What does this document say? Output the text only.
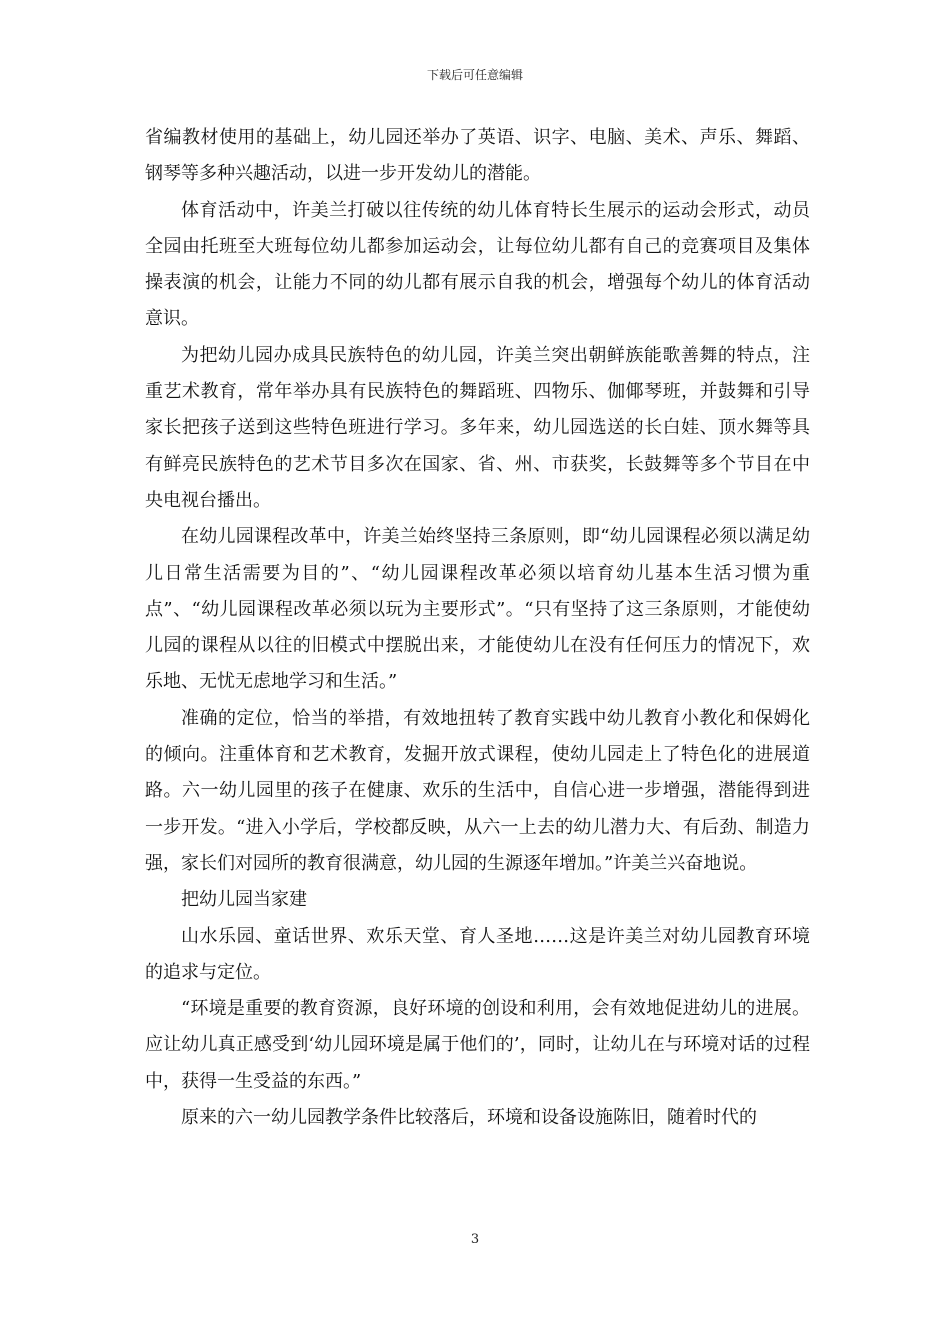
下载后可任意编辑

省编教材使用的基础上，幼儿园还举办了英语、识字、电脑、美术、声乐、舞蹈、钢琴等多种兴趣活动，以进一步开发幼儿的潜能。

体育活动中，许美兰打破以往传统的幼儿体育特长生展示的运动会形式，动员全园由托班至大班每位幼儿都参加运动会，让每位幼儿都有自己的竞赛项目及集体操表演的机会，让能力不同的幼儿都有展示自我的机会，增强每个幼儿的体育活动意识。

为把幼儿园办成具民族特色的幼儿园，许美兰突出朝鲜族能歌善舞的特点，注重艺术教育，常年举办具有民族特色的舞蹈班、四物乐、伽倻琴班，并鼓舞和引导家长把孩子送到这些特色班进行学习。多年来，幼儿园选送的长白娃、顶水舞等具有鲜亮民族特色的艺术节目多次在国家、省、州、市获奖，长鼓舞等多个节目在中央电视台播出。

在幼儿园课程改革中，许美兰始终坚持三条原则，即“幼儿园课程必须以满足幼儿日常生活需要为目的”、“幼儿园课程改革必须以培育幼儿基本生活习惯为重点”、“幼儿园课程改革必须以玩为主要形式”。“只有坚持了这三条原则，才能使幼儿园的课程从以往的旧模式中摆脱出来，才能使幼儿在没有任何压力的情况下，欢乐地、无忧无虑地学习和生活。”

准确的定位，恰当的举措，有效地扭转了教育实践中幼儿教育小教化和保姆化的倾向。注重体育和艺术教育，发掘开放式课程，使幼儿园走上了特色化的进展道路。六一幼儿园里的孩子在健康、欢乐的生活中，自信心进一步增强，潜能得到进一步开发。“进入小学后，学校都反映，从六一上去的幼儿潜力大、有后劲、制造力强，家长们对园所的教育很满意，幼儿园的生源逐年增加。”许美兰兴奋地说。

把幼儿园当家建

山水乐园、童话世界、欢乐天堂、育人圣地……这是许美兰对幼儿园教育环境的追求与定位。

“环境是重要的教育资源，良好环境的创设和利用，会有效地促进幼儿的进展。应让幼儿真正感受到‘幼儿园环境是属于他们的’，同时，让幼儿在与环境对话的过程中，获得一生受益的东西。”

原来的六一幼儿园教学条件比较落后，环境和设备设施陈旧，随着时代的

3
